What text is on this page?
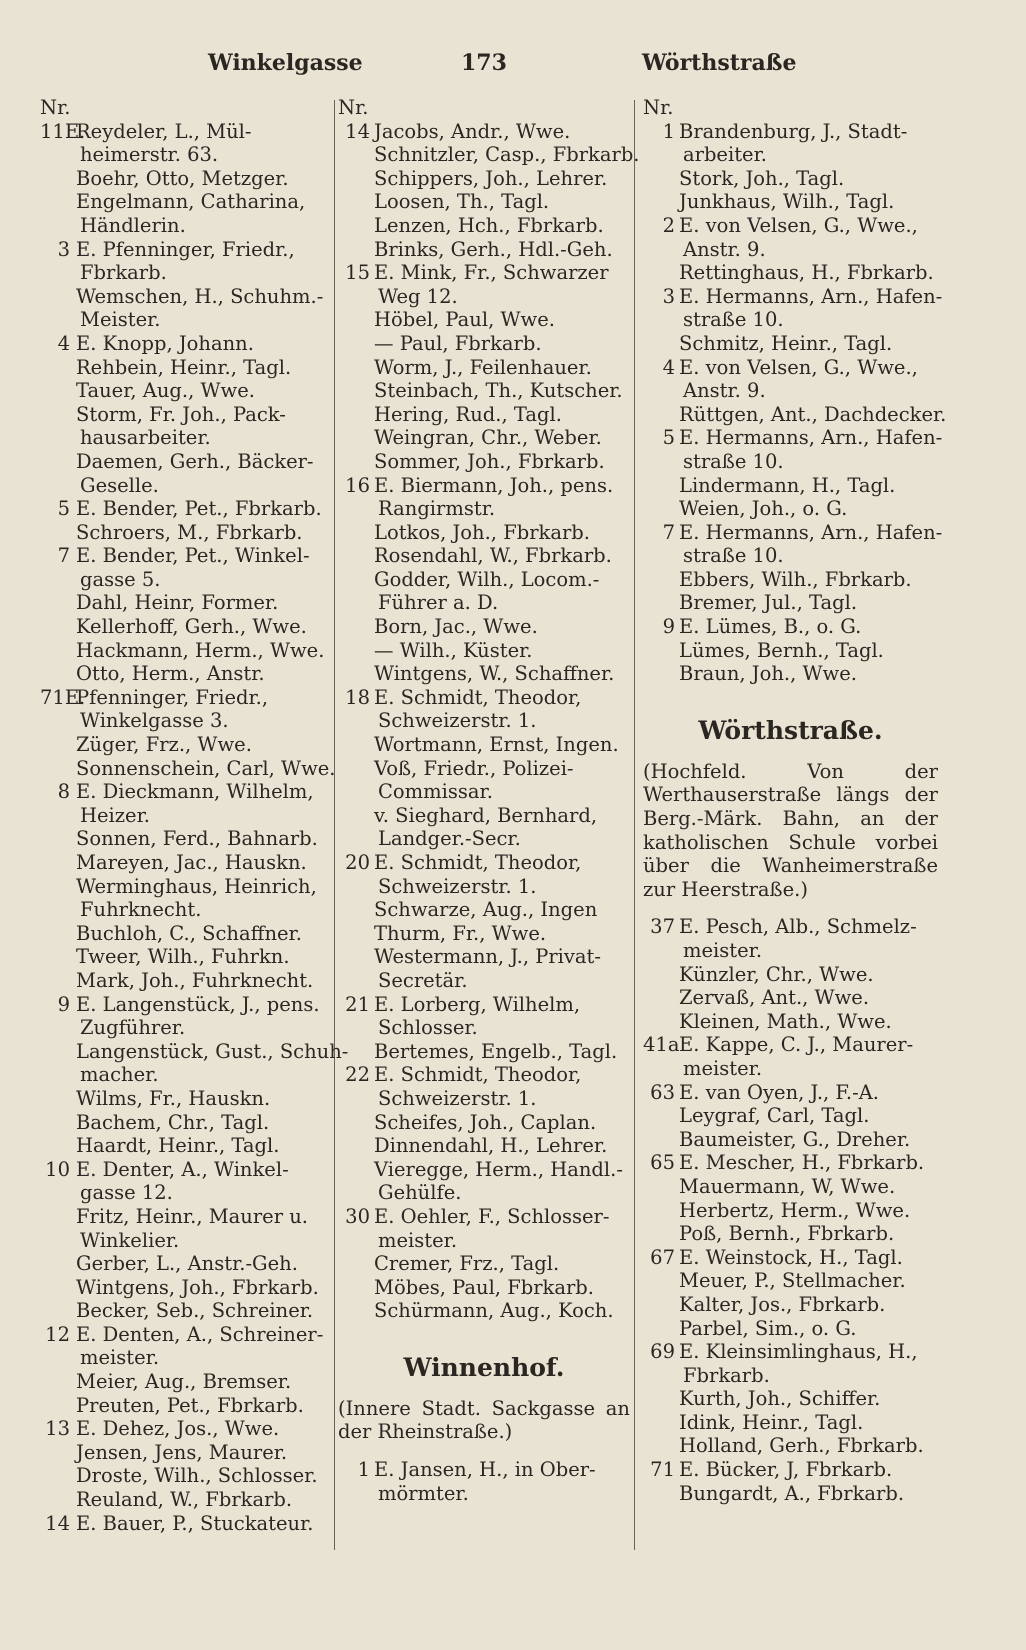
Winkelgasse	173	Wörthstraße
Nr.
11E.
Reydeler, L., Mül-
heimerstr. 63.
Boehr, Otto, Metzger.
Engelmann, Catharina,
Händlerin.
3 E. Pfenninger, Friedr.,
Fbrkarb.
Wemschen, H., Schuhm.-
Meister.
4 E. Knopp, Johann.
Rehbein, Heinr., Tagl.
Tauer, Aug., Wwe.
Storm, Fr. Joh., Pack-
hausarbeiter.
Daemen, Gerh., Bäcker-
Geselle.
5 E. Bender, Pet., Fbrkarb.
Schroers, M., Fbrkarb.
7 E. Bender, Pet., Winkel-
gasse 5.
Dahl, Heinr, Former.
Kellerhoff, Gerh., Wwe.
Hackmann, Herm., Wwe.
Otto, Herm., Anstr.
71E.
Pfenninger, Friedr.,
Winkelgasse 3.
Züger, Frz., Wwe.
Sonnenschein, Carl, Wwe.
8 E. Dieckmann, Wilhelm,
Heizer.
Sonnen, Ferd., Bahnarb.
Mareyen, Jac., Hauskn.
Werminghaus, Heinrich,
Fuhrknecht.
Buchloh, C., Schaffner.
Tweer, Wilh., Fuhrkn.
Mark, Joh., Fuhrknecht.
9 E. Langenstück, J., pens.
Zugführer.
Langenstück, Gust., Schuh-
macher.
Wilms, Fr., Hauskn.
Bachem, Chr., Tagl.
Haardt, Heinr., Tagl.
10 E. Denter, A., Winkel-
gasse 12.
Fritz, Heinr., Maurer u.
Winkelier.
Gerber, L., Anstr.-Geh.
Wintgens, Joh., Fbrkarb.
Becker, Seb., Schreiner.
12 E. Denten, A., Schreiner-
meister.
Meier, Aug., Bremser.
Preuten, Pet., Fbrkarb.
13 E. Dehez, Jos., Wwe.
Jensen, Jens, Maurer.
Droste, Wilh., Schlosser.
Reuland, W., Fbrkarb.
14 E. Bauer, P., Stuckateur.
Nr.
14 Jacobs, Andr., Wwe.
Schnitzler, Casp., Fbrkarb.
Schippers, Joh., Lehrer.
Loosen, Th., Tagl.
Lenzen, Hch., Fbrkarb.
Brinks, Gerh., Hdl.-Geh.
15 E. Mink, Fr., Schwarzer
Weg 12.
Höbel, Paul, Wwe.
— Paul, Fbrkarb.
Worm, J., Feilenhauer.
Steinbach, Th., Kutscher.
Hering, Rud., Tagl.
Weingran, Chr., Weber.
Sommer, Joh., Fbrkarb.
16 E. Biermann, Joh., pens.
Rangirmstr.
Lotkos, Joh., Fbrkarb.
Rosendahl, W., Fbrkarb.
Godder, Wilh., Locom.-
Führer a. D.
Born, Jac., Wwe.
— Wilh., Küster.
Wintgens, W., Schaffner.
18 E. Schmidt, Theodor,
Schweizerstr. 1.
Wortmann, Ernst, Ingen.
Voß, Friedr., Polizei-
Commissar.
v. Sieghard, Bernhard,
Landger.-Secr.
20 E. Schmidt, Theodor,
Schweizerstr. 1.
Schwarze, Aug., Ingen
Thurm, Fr., Wwe.
Westermann, J., Privat-
Secretär.
21 E. Lorberg, Wilhelm,
Schlosser.
Bertemes, Engelb., Tagl.
22 E. Schmidt, Theodor,
Schweizerstr. 1.
Scheifes, Joh., Caplan.
Dinnendahl, H., Lehrer.
Vieregge, Herm., Handl.-
Gehülfe.
30 E. Oehler, F., Schlosser-
meister.
Cremer, Frz., Tagl.
Möbes, Paul, Fbrkarb.
Schürmann, Aug., Koch.
Winnenhof.
(Innere Stadt. Sackgasse an der Rheinstraße.)
1 E. Jansen, H., in Ober-
mörmter.
Nr.
1 Brandenburg, J., Stadt-
arbeiter.
Stork, Joh., Tagl.
Junkhaus, Wilh., Tagl.
2 E. von Velsen, G., Wwe.,
Anstr. 9.
Rettinghaus, H., Fbrkarb.
3 E. Hermanns, Arn., Hafen-
straße 10.
Schmitz, Heinr., Tagl.
4 E. von Velsen, G., Wwe.,
Anstr. 9.
Rüttgen, Ant., Dachdecker.
5 E. Hermanns, Arn., Hafen-
straße 10.
Lindermann, H., Tagl.
Weien, Joh., o. G.
7 E. Hermanns, Arn., Hafen-
straße 10.
Ebbers, Wilh., Fbrkarb.
Bremer, Jul., Tagl.
9 E. Lümes, B., o. G.
Lümes, Bernh., Tagl.
Braun, Joh., Wwe.
Wörthstraße.
(Hochfeld. Von der Werthauserstraße längs der Berg.-Märk. Bahn, an der katholischen Schule vorbei über die Wanheimerstraße zur Heerstraße.)
37 E. Pesch, Alb., Schmelz-
meister.
Künzler, Chr., Wwe.
Zervaß, Ant., Wwe.
Kleinen, Math., Wwe.
41a E. Kappe, C. J., Maurer-
meister.
63 E. van Oyen, J., F.-A.
Leygraf, Carl, Tagl.
Baumeister, G., Dreher.
65 E. Mescher, H., Fbrkarb.
Mauermann, W, Wwe.
Herbertz, Herm., Wwe.
Poß, Bernh., Fbrkarb.
67 E. Weinstock, H., Tagl.
Meuer, P., Stellmacher.
Kalter, Jos., Fbrkarb.
Parbel, Sim., o. G.
69 E. Kleinsimlinghaus, H.,
Fbrkarb.
Kurth, Joh., Schiffer.
Idink, Heinr., Tagl.
Holland, Gerh., Fbrkarb.
71 E. Bücker, J, Fbrkarb.
Bungardt, A., Fbrkarb.
